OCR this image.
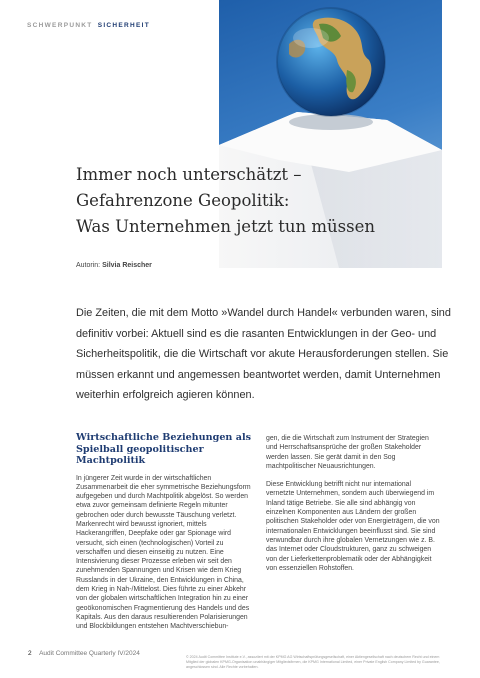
SCHWERPUNKT SICHERHEIT
Immer noch unterschätzt –
Gefahrenzone Geopolitik:
Was Unternehmen jetzt tun müssen
Autorin: Silvia Reischer

Die Zeiten, die mit dem Motto »Wandel durch Handel« verbunden waren, sind definitiv vorbei: Aktuell sind es die rasanten Entwicklungen in der Geo- und Sicherheitspolitik, die die Wirtschaft vor akute Herausforderungen stellen. Sie müssen erkannt und angemessen beantwortet werden, damit Unternehmen weiterhin erfolgreich agieren können.

Wirtschaftliche Beziehungen als Spielball geopolitischer Machtpolitik

In jüngerer Zeit wurde in der wirtschaftlichen Zusammenarbeit die eher symmetrische Beziehungsform aufgegeben und durch Machtpolitik abgelöst. So werden etwa zuvor gemeinsam definierte Regeln mitunter gebrochen oder durch bewusste Täuschung verletzt. Markenrecht wird bewusst ignoriert, mittels Hackerangriffen, Deepfake oder gar Spionage wird versucht, sich einen (technologischen) Vorteil zu verschaffen und diesen einseitig zu nutzen. Eine Intensivierung dieser Prozesse erleben wir seit den zunehmenden Spannungen und Krisen wie dem Krieg Russlands in der Ukraine, den Entwicklungen in China, dem Krieg in Nah-/Mittelost. Dies führte zu einer Abkehr von der globalen wirtschaftlichen Integration hin zu einer geoökonomischen Fragmentierung des Handels und des Kapitals. Aus den daraus resultierenden Polarisierungen und Blockbildungen entstehen Machtverschiebun-

gen, die die Wirtschaft zum Instrument der Strategien und Herrschaftsansprüche der großen Stakeholder werden lassen. Sie gerät damit in den Sog machtpolitischer Neuausrichtungen.

Diese Entwicklung betrifft nicht nur international vernetzte Unternehmen, sondern auch überwiegend im Inland tätige Betriebe. Sie alle sind abhängig von einzelnen Komponenten aus Ländern der großen politischen Stakeholder oder von Energieträgern, die von internationalen Entwicklungen beeinflusst sind. Sie sind verwundbar durch ihre globalen Vernetzungen wie z. B. das Internet oder Cloudstrukturen, ganz zu schweigen von der Lieferkettenproblematik oder der Abhängigkeit von essenziellen Rohstoffen.

2 Audit Committee Quarterly IV/2024	© 2024 Audit Committee Institute e.V., assoziiert mit der KPMG AG Wirtschaftsprüfungsgesellschaft, einer Aktiengesellschaft nach deutschem Recht und einem Mitglied der globalen KPMG-Organisation unabhängiger Mitgliedsfirmen, die KPMG International Limited, einer Private English Company Limited by Guarantee, angeschlossen sind. Alle Rechte vorbehalten.
